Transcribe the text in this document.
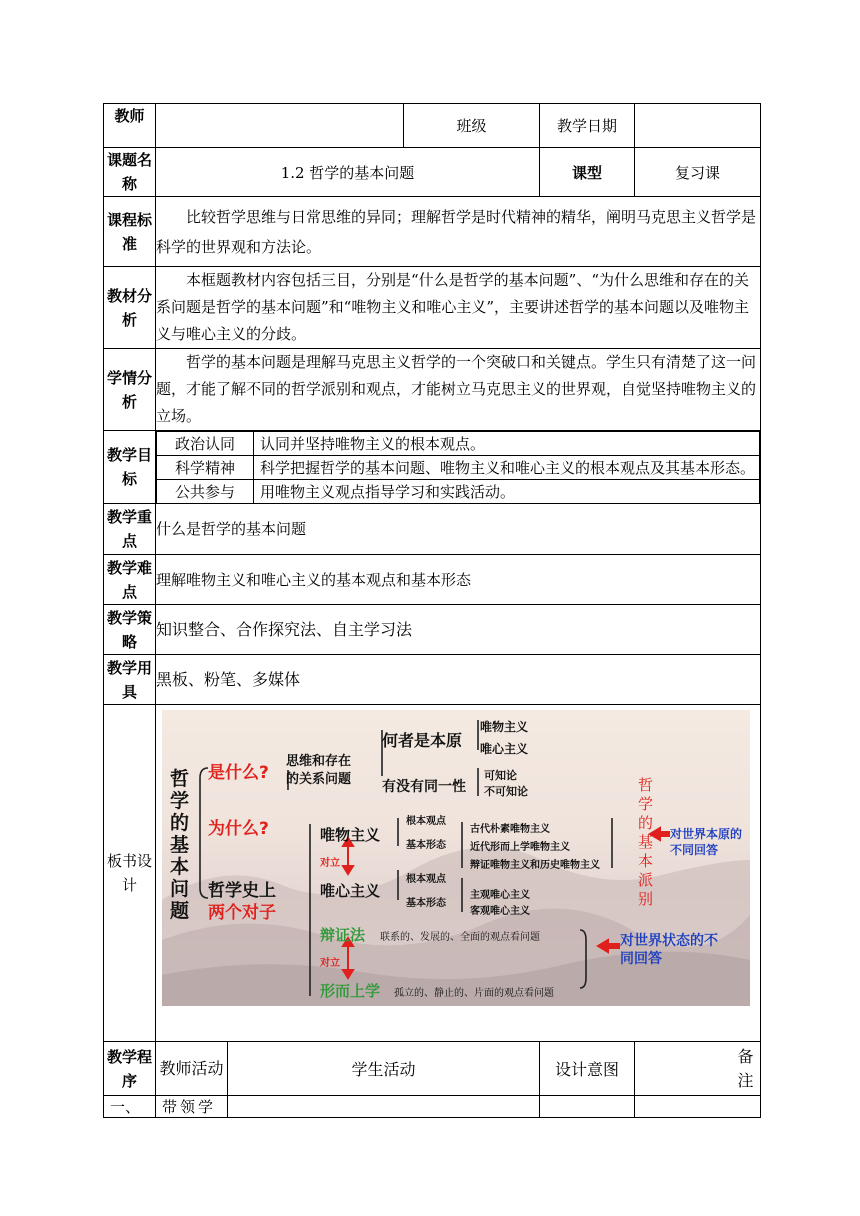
教师		班级	教学日期	
课题名称	1.2 哲学的基本问题	课型	复习课
课程标准	比较哲学思维与日常思维的异同；理解哲学是时代精神的精华，阐明马克思主义哲学是科学的世界观和方法论。
教材分析	本框题教材内容包括三目，分别是“什么是哲学的基本问题”、“为什么思维和存在的关系问题是哲学的基本问题”和“唯物主义和唯心主义”，主要讲述哲学的基本问题以及唯物主义与唯心主义的分歧。
学情分析	哲学的基本问题是理解马克思主义哲学的一个突破口和关键点。学生只有清楚了这一问题，才能了解不同的哲学派别和观点，才能树立马克思主义的世界观，自觉坚持唯物主义的立场。
教学目标	
政治认同	认同并坚持唯物主义的根本观点。
科学精神	科学把握哲学的基本问题、唯物主义和唯心主义的根本观点及其基本形态。
公共参与	用唯物主义观点指导学习和实践活动。

教学重点	什么是哲学的基本问题
教学难点	理解唯物主义和唯心主义的基本观点和基本形态
教学策略	知识整合、合作探究法、自主学习法
教学用具	黑板、粉笔、多媒体
板书设计	
哲学的基本问题
是什么?
为什么?
哲学史上
两个对子
思维和存在
的关系问题
何者是本原
有没有同一性
唯物主义
唯心主义
可知论
不可知论
唯物主义
对立
唯心主义
根本观点
基本形态
根本观点
基本形态
古代朴素唯物主义
近代形而上学唯物主义
辩证唯物主义和历史唯物主义
主观唯心主义
客观唯心主义
辩证法 联系的、发展的、全面的观点看问题
对立
形而上学 孤立的、静止的、片面的观点看问题
哲学的基本派别
对世界本原的不同回答
对世界状态的不同回答

教学程序	教师活动	学生活动	设计意图	备注
一、	带领学			
